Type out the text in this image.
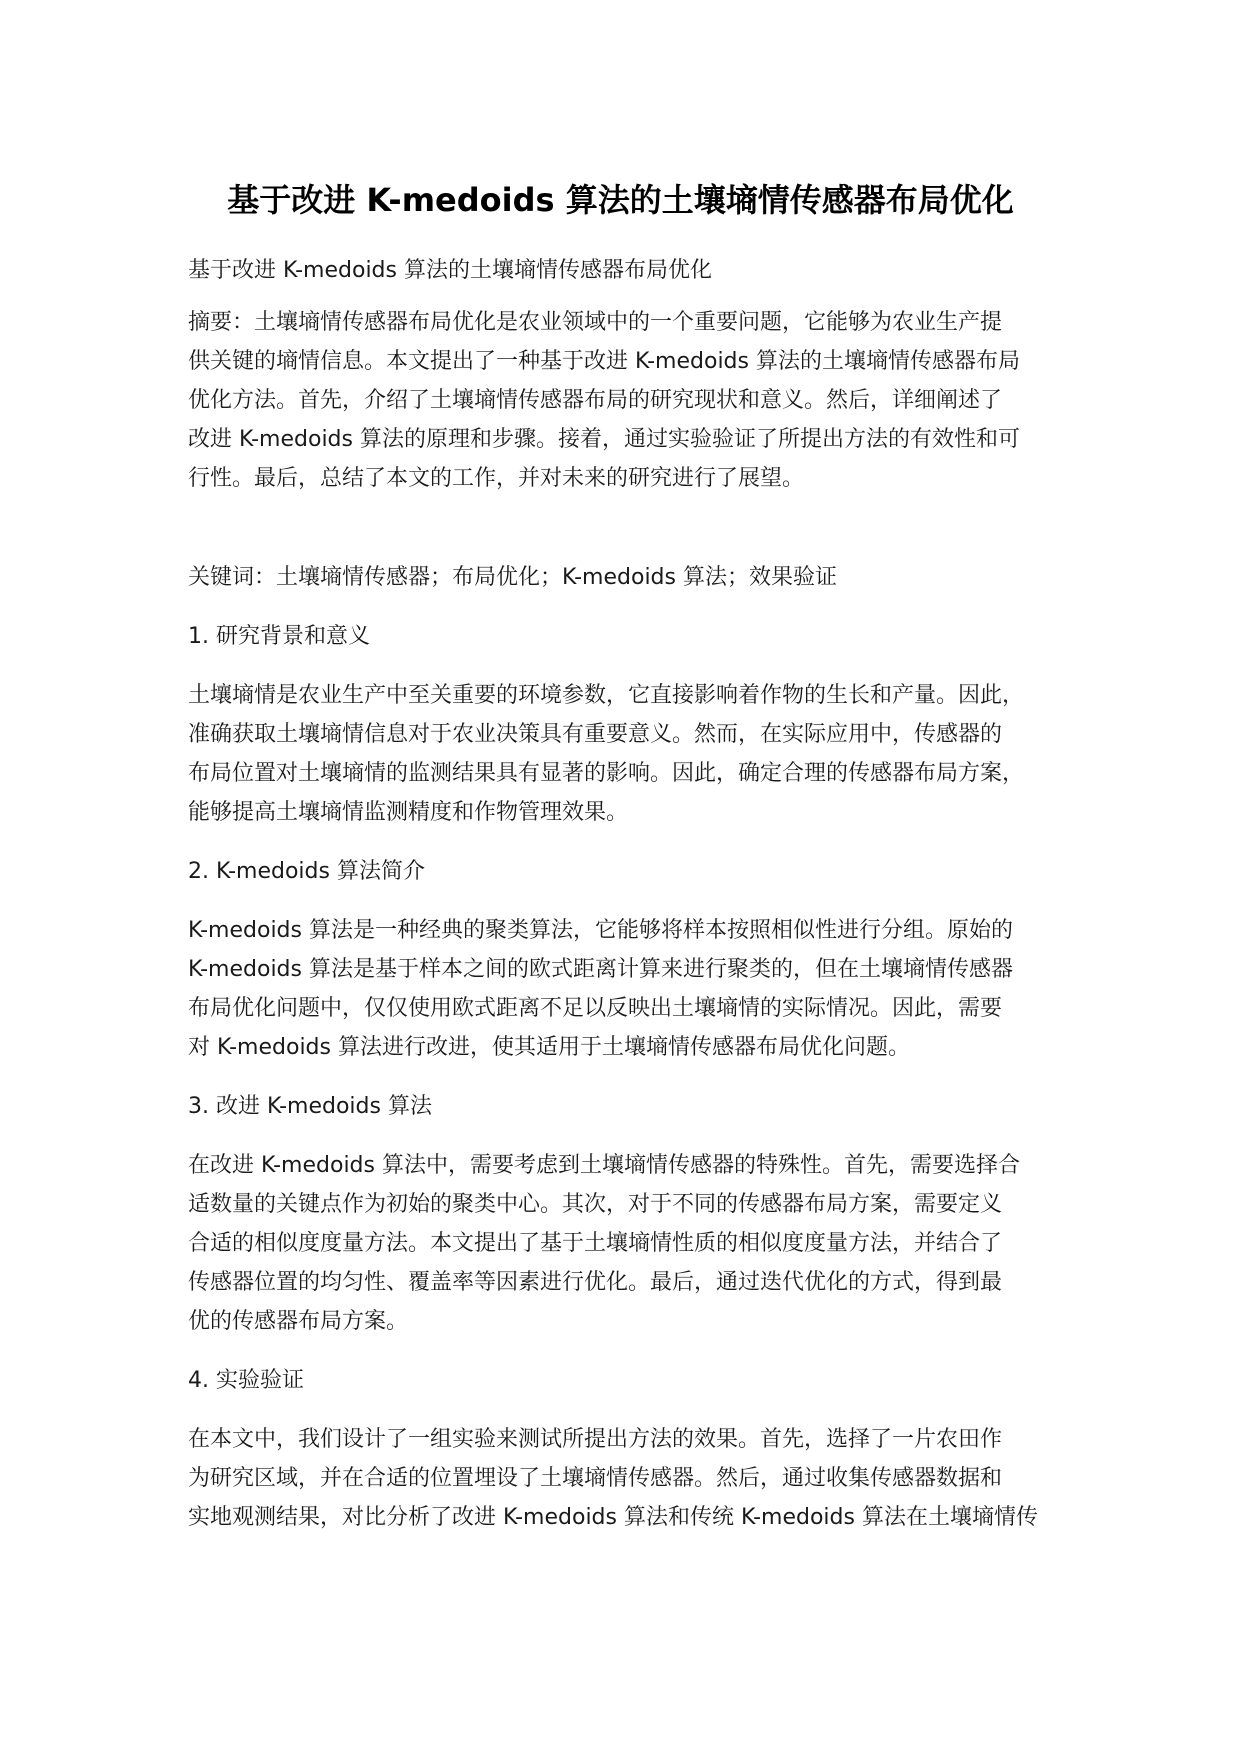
基于改进 K-medoids 算法的土壤墒情传感器布局优化
基于改进 K-medoids 算法的土壤墒情传感器布局优化
摘要：土壤墒情传感器布局优化是农业领域中的一个重要问题，它能够为农业生产提
供关键的墒情信息。本文提出了一种基于改进 K-medoids 算法的土壤墒情传感器布局
优化方法。首先，介绍了土壤墒情传感器布局的研究现状和意义。然后，详细阐述了
改进 K-medoids 算法的原理和步骤。接着，通过实验验证了所提出方法的有效性和可
行性。最后，总结了本文的工作，并对未来的研究进行了展望。
关键词：土壤墒情传感器；布局优化；K-medoids 算法；效果验证
1. 研究背景和意义
土壤墒情是农业生产中至关重要的环境参数，它直接影响着作物的生长和产量。因此，
准确获取土壤墒情信息对于农业决策具有重要意义。然而，在实际应用中，传感器的
布局位置对土壤墒情的监测结果具有显著的影响。因此，确定合理的传感器布局方案，
能够提高土壤墒情监测精度和作物管理效果。
2. K-medoids 算法简介
K-medoids 算法是一种经典的聚类算法，它能够将样本按照相似性进行分组。原始的
K-medoids 算法是基于样本之间的欧式距离计算来进行聚类的，但在土壤墒情传感器
布局优化问题中，仅仅使用欧式距离不足以反映出土壤墒情的实际情况。因此，需要
对 K-medoids 算法进行改进，使其适用于土壤墒情传感器布局优化问题。
3. 改进 K-medoids 算法
在改进 K-medoids 算法中，需要考虑到土壤墒情传感器的特殊性。首先，需要选择合
适数量的关键点作为初始的聚类中心。其次，对于不同的传感器布局方案，需要定义
合适的相似度度量方法。本文提出了基于土壤墒情性质的相似度度量方法，并结合了
传感器位置的均匀性、覆盖率等因素进行优化。最后，通过迭代优化的方式，得到最
优的传感器布局方案。
4. 实验验证
在本文中，我们设计了一组实验来测试所提出方法的效果。首先，选择了一片农田作
为研究区域，并在合适的位置埋设了土壤墒情传感器。然后，通过收集传感器数据和
实地观测结果，对比分析了改进 K-medoids 算法和传统 K-medoids 算法在土壤墒情传
